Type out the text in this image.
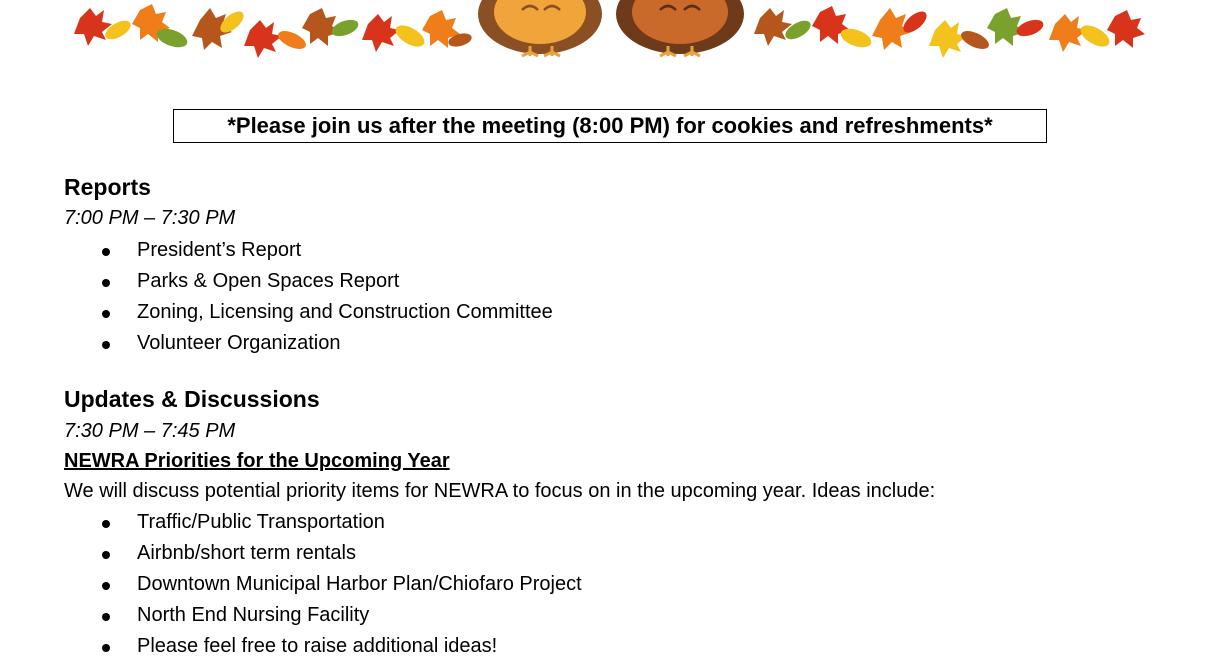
*Please join us after the meeting (8:00 PM) for cookies and refreshments*
Reports
7:00 PM – 7:30 PM
President’s Report
Parks & Open Spaces Report
Zoning, Licensing and Construction Committee
Volunteer Organization
Updates & Discussions
7:30 PM – 7:45 PM
NEWRA Priorities for the Upcoming Year
We will discuss potential priority items for NEWRA to focus on in the upcoming year. Ideas include:
Traffic/Public Transportation
Airbnb/short term rentals
Downtown Municipal Harbor Plan/Chiofaro Project
North End Nursing Facility
Please feel free to raise additional ideas!
